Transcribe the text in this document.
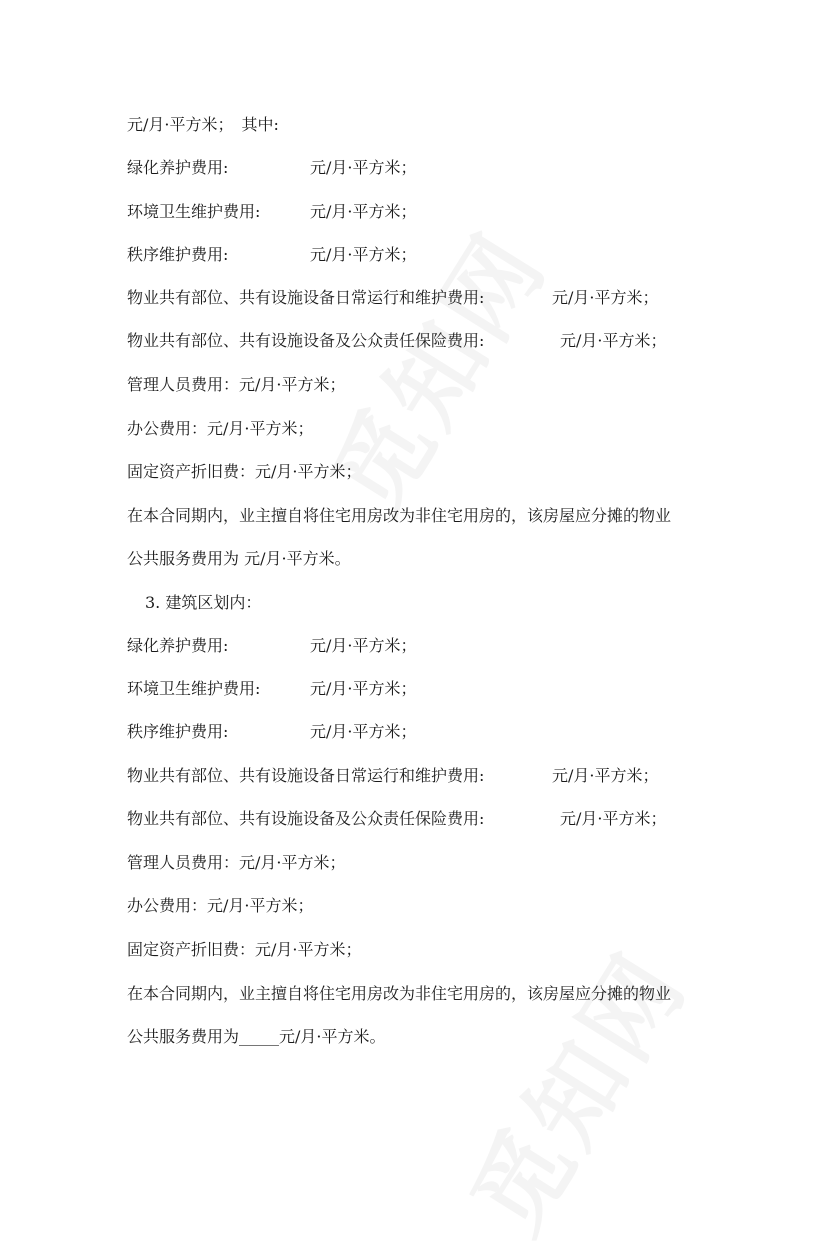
元/月·平方米；　其中:
绿化养护费用:	元/月·平方米；
环境卫生维护费用:	元/月·平方米；
秩序维护费用:	元/月·平方米；
物业共有部位、共有设施设备日常运行和维护费用:	元/月·平方米；
物业共有部位、共有设施设备及公众责任保险费用:	元/月·平方米；
管理人员费用：元/月·平方米；
办公费用：元/月·平方米；
固定资产折旧费：元/月·平方米；
在本合同期内，业主擅自将住宅用房改为非住宅用房的，该房屋应分摊的物业
公共服务费用为 元/月·平方米。
3. 建筑区划内：
绿化养护费用:	元/月·平方米；
环境卫生维护费用:	元/月·平方米；
秩序维护费用:	元/月·平方米；
物业共有部位、共有设施设备日常运行和维护费用:	元/月·平方米；
物业共有部位、共有设施设备及公众责任保险费用:	元/月·平方米；
管理人员费用：元/月·平方米；
办公费用：元/月·平方米；
固定资产折旧费：元/月·平方米；
在本合同期内，业主擅自将住宅用房改为非住宅用房的，该房屋应分摊的物业
公共服务费用为_____元/月·平方米。
